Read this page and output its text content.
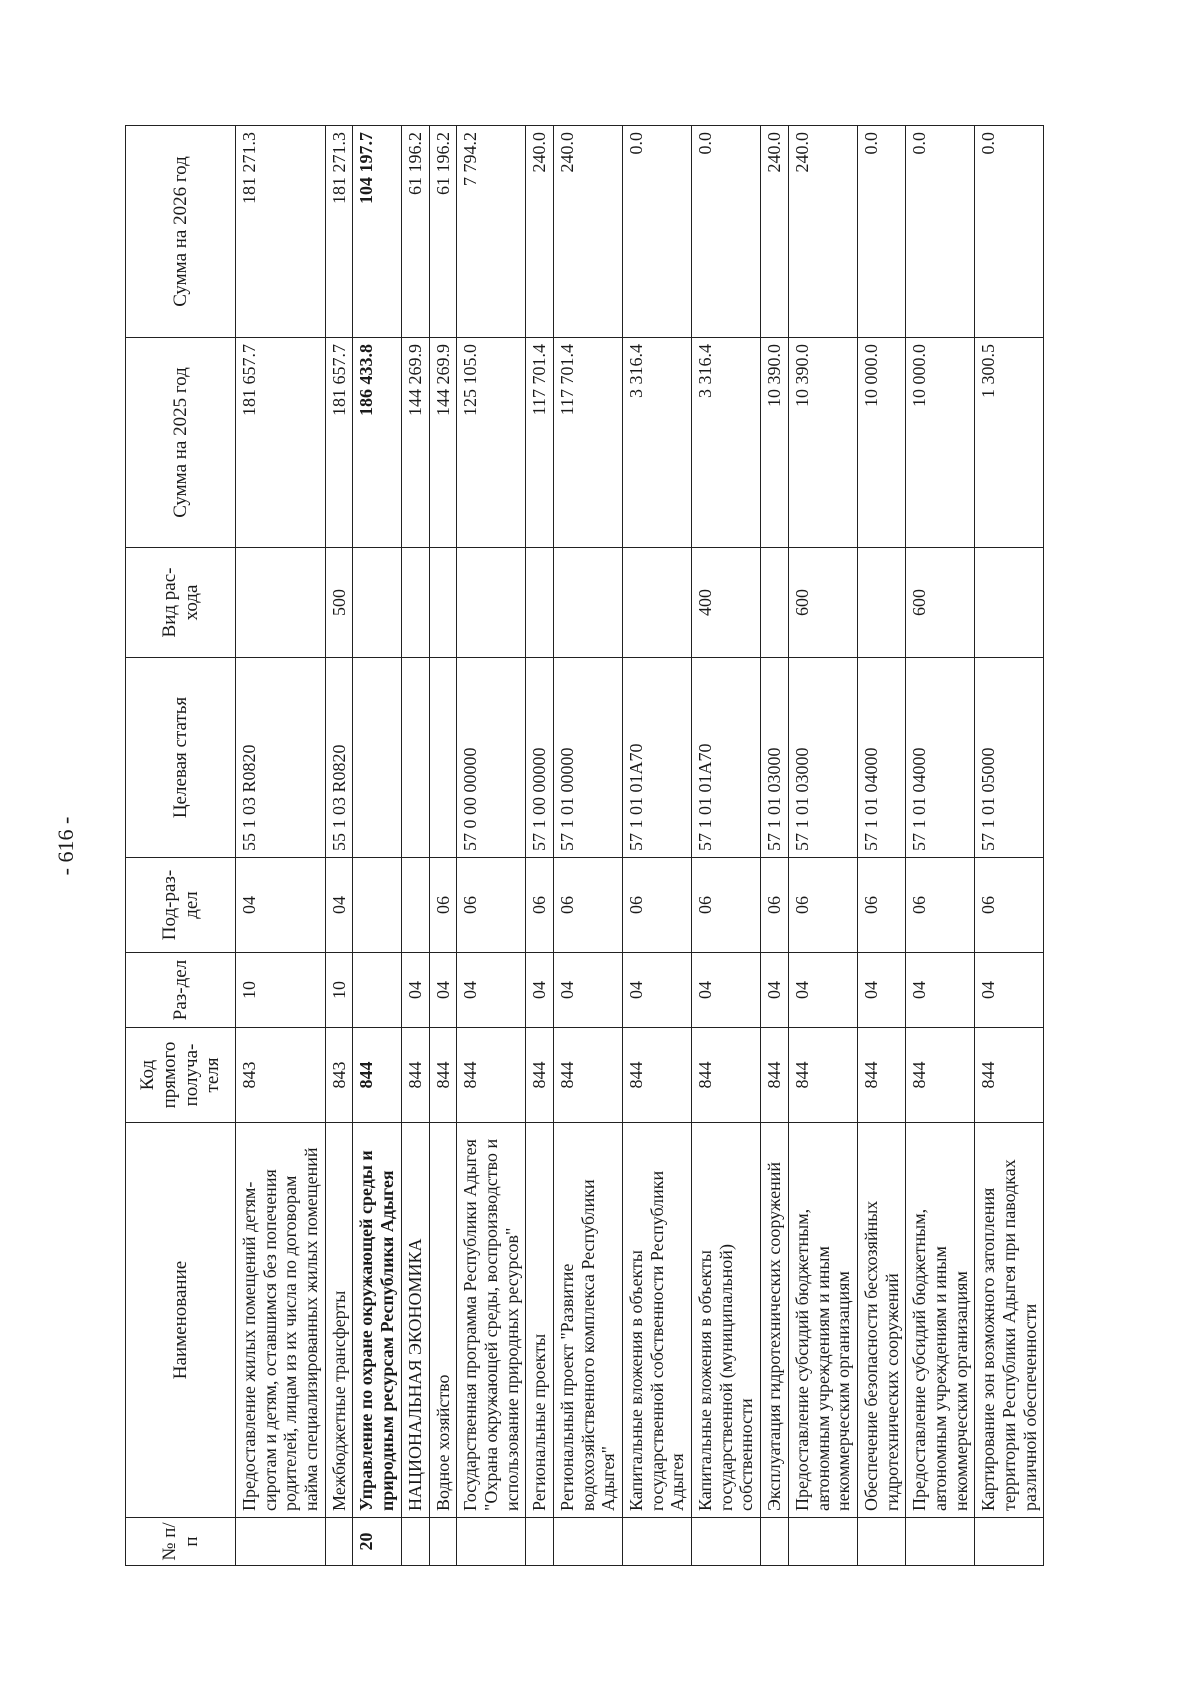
- 616 -
№ п/п	Наименование	Код прямого получа-теля	Раз-дел	Под-раз-дел	Целевая статья	Вид рас-хода	Сумма на 2025 год	Сумма на 2026 год
	Предоставление жилых помещений детям-сиротам и детям, оставшимся без попечения родителей, лицам из их числа по договорам найма специализированных жилых помещений	843	10	04	55 1 03 R0820		181 657.7	181 271.3
	Межбюджетные трансферты	843	10	04	55 1 03 R0820	500	181 657.7	181 271.3
20	Управление по охране окружающей среды и природным ресурсам Республики Адыгея	844					186 433.8	104 197.7
	НАЦИОНАЛЬНАЯ ЭКОНОМИКА	844	04				144 269.9	61 196.2
	Водное хозяйство	844	04	06			144 269.9	61 196.2
	Государственная программа Республики Адыгея "Охрана окружающей среды, воспроизводство и использование природных ресурсов"	844	04	06	57 0 00 00000		125 105.0	7 794.2
	Региональные проекты	844	04	06	57 1 00 00000		117 701.4	240.0
	Региональный проект "Развитие водохозяйственного комплекса Республики Адыгея"	844	04	06	57 1 01 00000		117 701.4	240.0
	Капитальные вложения в объекты государственной собственности Республики Адыгея	844	04	06	57 1 01 01А70		3 316.4	0.0
	Капитальные вложения в объекты государственной (муниципальной) собственности	844	04	06	57 1 01 01А70	400	3 316.4	0.0
	Эксплуатация гидротехнических сооружений	844	04	06	57 1 01 03000		10 390.0	240.0
	Предоставление субсидий бюджетным, автономным учреждениям и иным некоммерческим организациям	844	04	06	57 1 01 03000	600	10 390.0	240.0
	Обеспечение безопасности бесхозяйных гидротехнических сооружений	844	04	06	57 1 01 04000		10 000.0	0.0
	Предоставление субсидий бюджетным, автономным учреждениям и иным некоммерческим организациям	844	04	06	57 1 01 04000	600	10 000.0	0.0
	Картирование зон возможного затопления территории Республики Адыгея при паводках различной обеспеченности	844	04	06	57 1 01 05000		1 300.5	0.0
